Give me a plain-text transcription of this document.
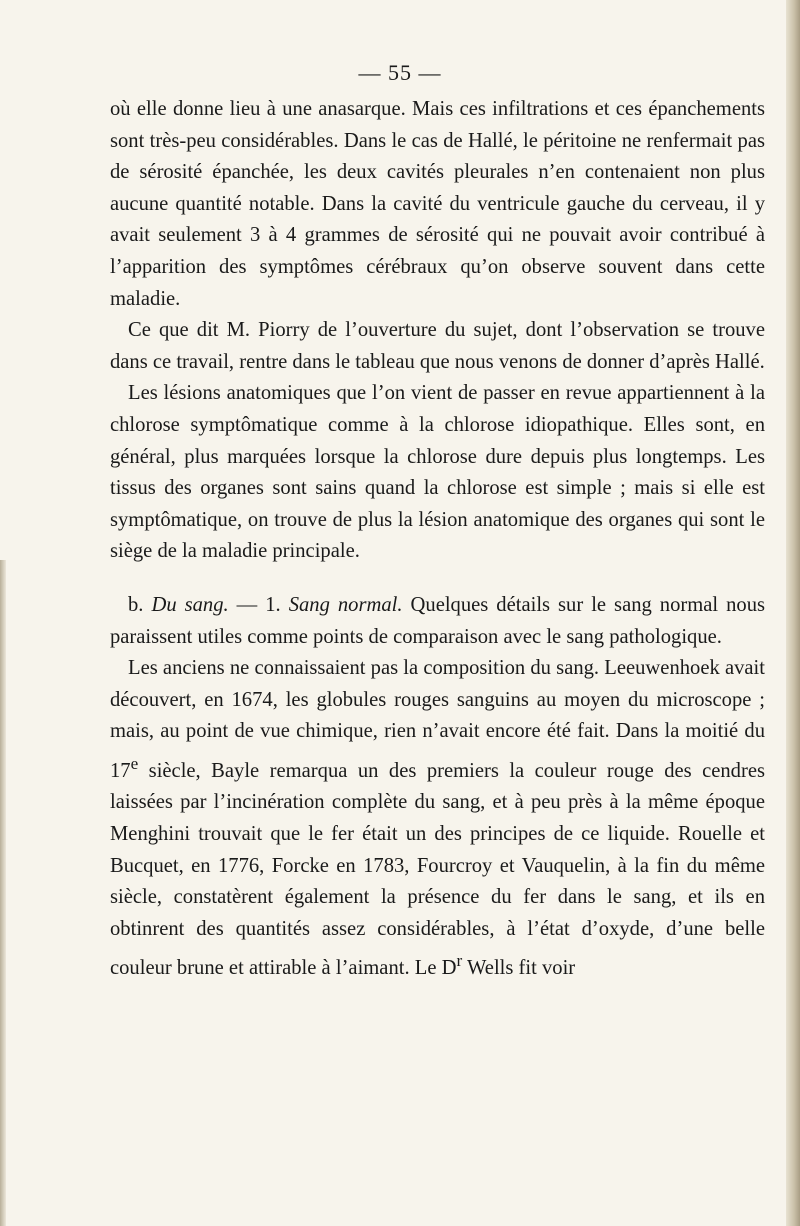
— 55 —

où elle donne lieu à une anasarque. Mais ces infiltrations et ces épanchements sont très-peu considérables. Dans le cas de Hallé, le péritoine ne renfermait pas de sérosité épanchée, les deux cavités pleurales n’en contenaient non plus aucune quantité notable. Dans la cavité du ventricule gauche du cerveau, il y avait seulement 3 à 4 grammes de sérosité qui ne pouvait avoir contribué à l’apparition des symptômes cérébraux qu’on observe souvent dans cette maladie.

Ce que dit M. Piorry de l’ouverture du sujet, dont l’observation se trouve dans ce travail, rentre dans le tableau que nous venons de donner d’après Hallé.

Les lésions anatomiques que l’on vient de passer en revue appartiennent à la chlorose symptômatique comme à la chlorose idiopathique. Elles sont, en général, plus marquées lorsque la chlorose dure depuis plus longtemps. Les tissus des organes sont sains quand la chlorose est simple ; mais si elle est symptômatique, on trouve de plus la lésion anatomique des organes qui sont le siège de la maladie principale.

b. Du sang. — 1. Sang normal. Quelques détails sur le sang normal nous paraissent utiles comme points de comparaison avec le sang pathologique.

Les anciens ne connaissaient pas la composition du sang. Leeuwenhoek avait découvert, en 1674, les globules rouges sanguins au moyen du microscope ; mais, au point de vue chimique, rien n’avait encore été fait. Dans la moitié du 17e siècle, Bayle remarqua un des premiers la couleur rouge des cendres laissées par l’incinération complète du sang, et à peu près à la même époque Menghini trouvait que le fer était un des principes de ce liquide. Rouelle et Bucquet, en 1776, Forcke en 1783, Fourcroy et Vauquelin, à la fin du même siècle, constatèrent également la présence du fer dans le sang, et ils en obtinrent des quantités assez considérables, à l’état d’oxyde, d’une belle couleur brune et attirable à l’aimant. Le $D^r$ Wells fit voir
